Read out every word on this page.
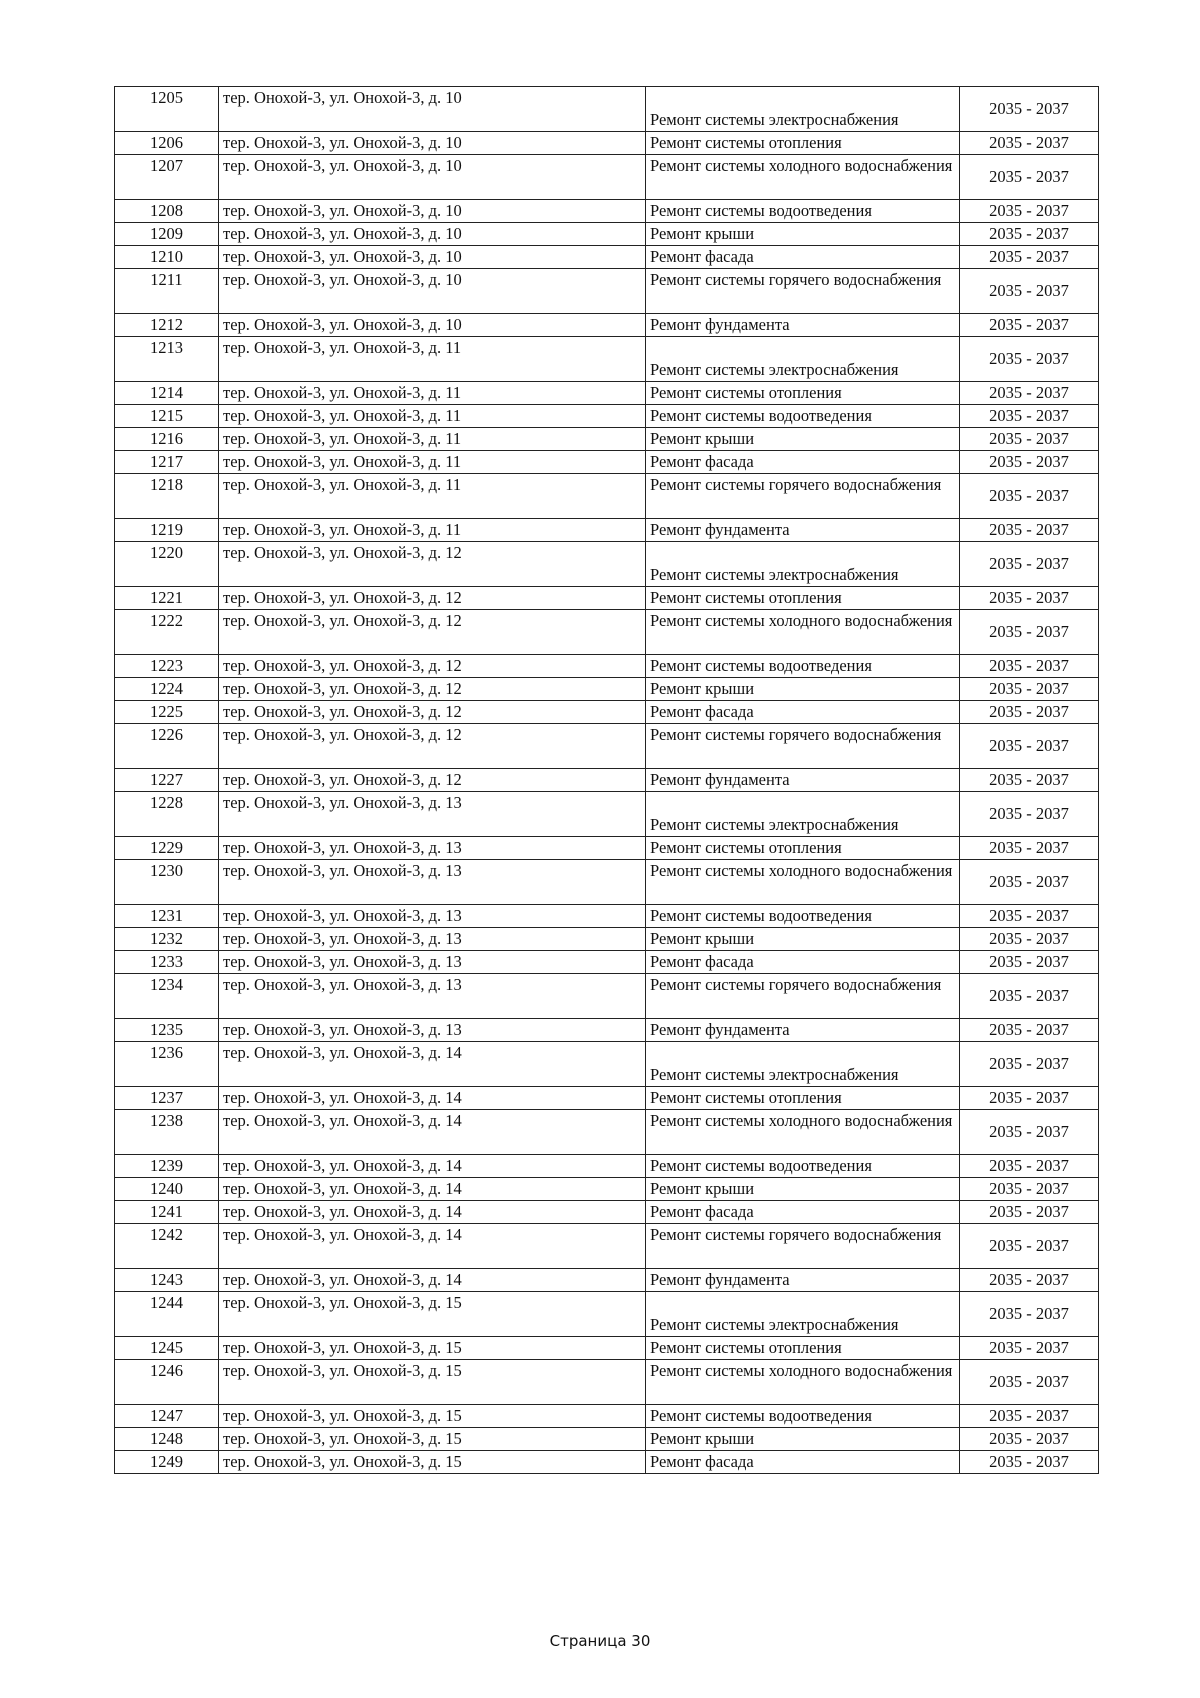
1205	тер. Онохой-3, ул. Онохой-3, д. 10	Ремонт системы электроснабжения	2035 - 2037
1206	тер. Онохой-3, ул. Онохой-3, д. 10	Ремонт системы отопления	2035 - 2037
1207	тер. Онохой-3, ул. Онохой-3, д. 10	Ремонт системы холодного водоснабжения	2035 - 2037
1208	тер. Онохой-3, ул. Онохой-3, д. 10	Ремонт системы водоотведения	2035 - 2037
1209	тер. Онохой-3, ул. Онохой-3, д. 10	Ремонт крыши	2035 - 2037
1210	тер. Онохой-3, ул. Онохой-3, д. 10	Ремонт фасада	2035 - 2037
1211	тер. Онохой-3, ул. Онохой-3, д. 10	Ремонт системы горячего водоснабжения	2035 - 2037
1212	тер. Онохой-3, ул. Онохой-3, д. 10	Ремонт фундамента	2035 - 2037
1213	тер. Онохой-3, ул. Онохой-3, д. 11	Ремонт системы электроснабжения	2035 - 2037
1214	тер. Онохой-3, ул. Онохой-3, д. 11	Ремонт системы отопления	2035 - 2037
1215	тер. Онохой-3, ул. Онохой-3, д. 11	Ремонт системы водоотведения	2035 - 2037
1216	тер. Онохой-3, ул. Онохой-3, д. 11	Ремонт крыши	2035 - 2037
1217	тер. Онохой-3, ул. Онохой-3, д. 11	Ремонт фасада	2035 - 2037
1218	тер. Онохой-3, ул. Онохой-3, д. 11	Ремонт системы горячего водоснабжения	2035 - 2037
1219	тер. Онохой-3, ул. Онохой-3, д. 11	Ремонт фундамента	2035 - 2037
1220	тер. Онохой-3, ул. Онохой-3, д. 12	Ремонт системы электроснабжения	2035 - 2037
1221	тер. Онохой-3, ул. Онохой-3, д. 12	Ремонт системы отопления	2035 - 2037
1222	тер. Онохой-3, ул. Онохой-3, д. 12	Ремонт системы холодного водоснабжения	2035 - 2037
1223	тер. Онохой-3, ул. Онохой-3, д. 12	Ремонт системы водоотведения	2035 - 2037
1224	тер. Онохой-3, ул. Онохой-3, д. 12	Ремонт крыши	2035 - 2037
1225	тер. Онохой-3, ул. Онохой-3, д. 12	Ремонт фасада	2035 - 2037
1226	тер. Онохой-3, ул. Онохой-3, д. 12	Ремонт системы горячего водоснабжения	2035 - 2037
1227	тер. Онохой-3, ул. Онохой-3, д. 12	Ремонт фундамента	2035 - 2037
1228	тер. Онохой-3, ул. Онохой-3, д. 13	Ремонт системы электроснабжения	2035 - 2037
1229	тер. Онохой-3, ул. Онохой-3, д. 13	Ремонт системы отопления	2035 - 2037
1230	тер. Онохой-3, ул. Онохой-3, д. 13	Ремонт системы холодного водоснабжения	2035 - 2037
1231	тер. Онохой-3, ул. Онохой-3, д. 13	Ремонт системы водоотведения	2035 - 2037
1232	тер. Онохой-3, ул. Онохой-3, д. 13	Ремонт крыши	2035 - 2037
1233	тер. Онохой-3, ул. Онохой-3, д. 13	Ремонт фасада	2035 - 2037
1234	тер. Онохой-3, ул. Онохой-3, д. 13	Ремонт системы горячего водоснабжения	2035 - 2037
1235	тер. Онохой-3, ул. Онохой-3, д. 13	Ремонт фундамента	2035 - 2037
1236	тер. Онохой-3, ул. Онохой-3, д. 14	Ремонт системы электроснабжения	2035 - 2037
1237	тер. Онохой-3, ул. Онохой-3, д. 14	Ремонт системы отопления	2035 - 2037
1238	тер. Онохой-3, ул. Онохой-3, д. 14	Ремонт системы холодного водоснабжения	2035 - 2037
1239	тер. Онохой-3, ул. Онохой-3, д. 14	Ремонт системы водоотведения	2035 - 2037
1240	тер. Онохой-3, ул. Онохой-3, д. 14	Ремонт крыши	2035 - 2037
1241	тер. Онохой-3, ул. Онохой-3, д. 14	Ремонт фасада	2035 - 2037
1242	тер. Онохой-3, ул. Онохой-3, д. 14	Ремонт системы горячего водоснабжения	2035 - 2037
1243	тер. Онохой-3, ул. Онохой-3, д. 14	Ремонт фундамента	2035 - 2037
1244	тер. Онохой-3, ул. Онохой-3, д. 15	Ремонт системы электроснабжения	2035 - 2037
1245	тер. Онохой-3, ул. Онохой-3, д. 15	Ремонт системы отопления	2035 - 2037
1246	тер. Онохой-3, ул. Онохой-3, д. 15	Ремонт системы холодного водоснабжения	2035 - 2037
1247	тер. Онохой-3, ул. Онохой-3, д. 15	Ремонт системы водоотведения	2035 - 2037
1248	тер. Онохой-3, ул. Онохой-3, д. 15	Ремонт крыши	2035 - 2037
1249	тер. Онохой-3, ул. Онохой-3, д. 15	Ремонт фасада	2035 - 2037
Страница 30
